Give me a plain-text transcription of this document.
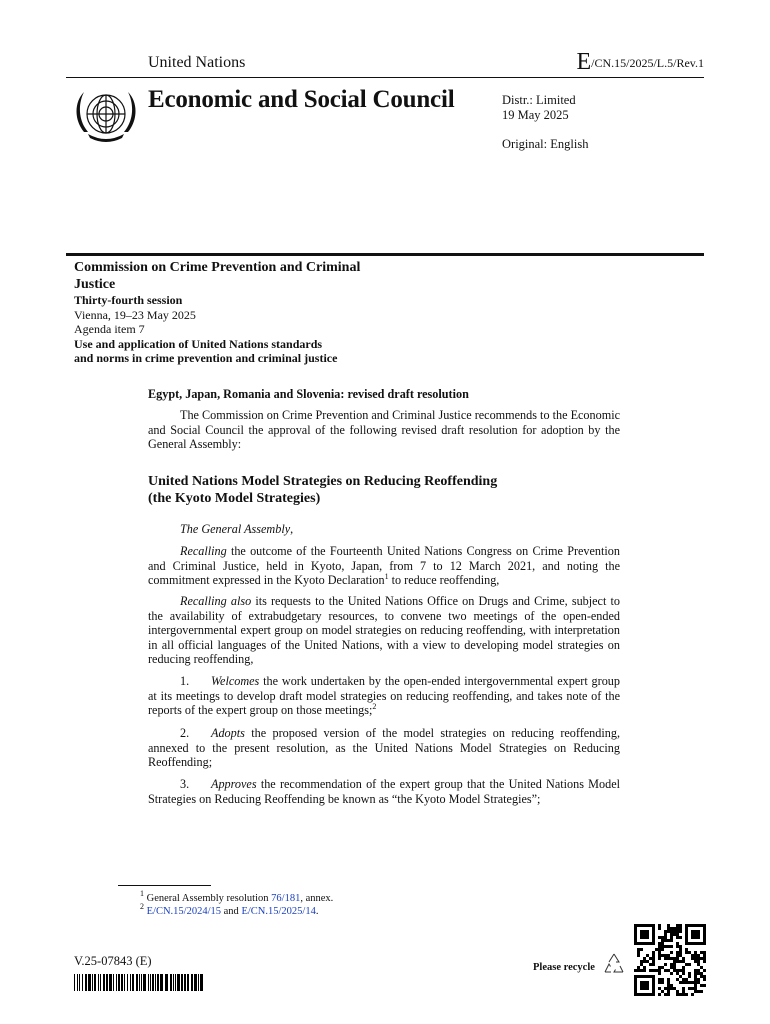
United Nations	E/CN.15/2025/L.5/Rev.1
Economic and Social Council	Distr.: Limited
19 May 2025
Original: English
Commission on Crime Prevention and Criminal Justice
Thirty-fourth session
Vienna, 19–23 May 2025
Agenda item 7
Use and application of United Nations standards
and norms in crime prevention and criminal justice
Egypt, Japan, Romania and Slovenia: revised draft resolution
The Commission on Crime Prevention and Criminal Justice recommends to the Economic and Social Council the approval of the following revised draft resolution for adoption by the General Assembly:
United Nations Model Strategies on Reducing Reoffending
(the Kyoto Model Strategies)
The General Assembly,
Recalling the outcome of the Fourteenth United Nations Congress on Crime Prevention and Criminal Justice, held in Kyoto, Japan, from 7 to 12 March 2021, and noting the commitment expressed in the Kyoto Declaration$^1$ to reduce reoffending,
Recalling also its requests to the United Nations Office on Drugs and Crime, subject to the availability of extrabudgetary resources, to convene two meetings of the open-ended intergovernmental expert group on model strategies on reducing reoffending, with interpretation in all official languages of the United Nations, with a view to developing model strategies on reducing reoffending,
1. Welcomes the work undertaken by the open-ended intergovernmental expert group at its meetings to develop draft model strategies on reducing reoffending, and takes note of the reports of the expert group on those meetings;$^2$
2. Adopts the proposed version of the model strategies on reducing reoffending, annexed to the present resolution, as the United Nations Model Strategies on Reducing Reoffending;
3. Approves the recommendation of the expert group that the United Nations Model Strategies on Reducing Reoffending be known as “the Kyoto Model Strategies”;
$^1$ General Assembly resolution 76/181, annex.
$^2$ E/CN.15/2024/15 and E/CN.15/2025/14.
V.25-07843 (E)	Please recycle
